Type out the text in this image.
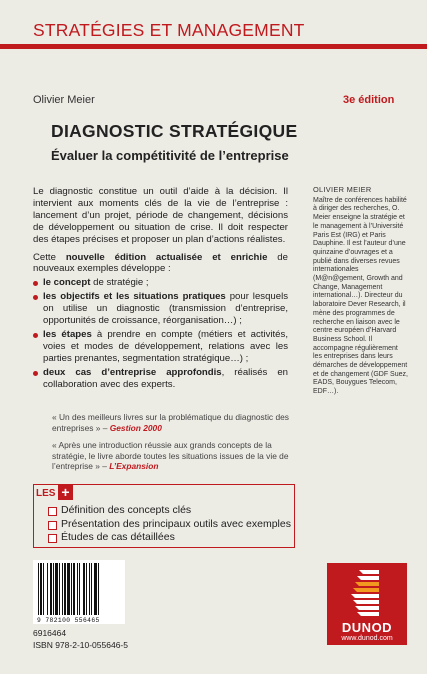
STRATÉGIES ET MANAGEMENT
Olivier Meier	3e édition
DIAGNOSTIC STRATÉGIQUE
Évaluer la compétitivité de l’entreprise

Le diagnostic constitue un outil d’aide à la décision. Il intervient aux moments clés de la vie de l’entreprise : lancement d’un projet, période de changement, décisions de développement ou situation de crise. Il doit respecter des étapes précises et proposer un plan d’actions réalistes.

Cette nouvelle édition actualisée et enrichie de nouveaux exemples développe :

le concept de stratégie ;
les objectifs et les situations pratiques pour lesquels on utilise un diagnostic (transmission d’entreprise, opportunités de croissance, réorganisation…) ;
les étapes à prendre en compte (métiers et activités, voies et modes de développement, relations avec les parties prenantes, segmentation stratégique…) ;
deux cas d’entreprise approfondis, réalisés en collaboration avec des experts.

« Un des meilleurs livres sur la problématique du diagnostic des entreprises » – Gestion 2000

« Après une introduction réussie aux grands concepts de la stratégie, le livre aborde toutes les situations issues de la vie de l’entreprise » – L’Expansion

OLIVIER MEIER
Maître de conférences habilité à diriger des recherches, O. Meier enseigne la stratégie et le management à l’Université Paris Est (IRG) et Paris Dauphine. Il est l’auteur d’une quinzaine d’ouvrages et a publié dans diverses revues internationales (M@n@gement, Growth and Change, Management international…). Directeur du laboratoire Dever Research, il mène des programmes de recherche en liaison avec le centre européen d’Harvard Business School. Il accompagne régulièrement les entreprises dans leurs démarches de développement et de changement (GDF Suez, EADS, Bouygues Telecom, EDF…).
LES +
Définition des concepts clés
Présentation des principaux outils avec exemples
Études de cas détaillées
9 782100 556465
6916464
ISBN 978-2-10-055646-5
DUNOD
www.dunod.com
